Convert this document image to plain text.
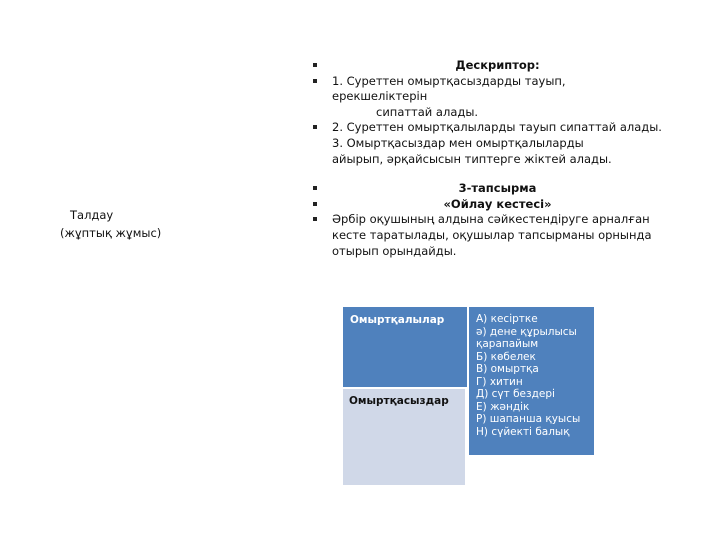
Талдау
(жұптық жұмыс)
Дескриптор:
1. Суреттен омыртқасыздарды тауып, ерекшеліктерін
сипаттай алады.
2. Суреттен омыртқалыларды тауып сипаттай алады.
3. Омыртқасыздар мен омыртқалыларды
айырып, әрқайсысын типтерге жіктей алады.
3-тапсырма
«Ойлау кестесі»
Әрбір оқушының алдына сәйкестендіруге арналған кесте таратылады, оқушылар тапсырманы орнында отырып орындайды.
Омыртқалылар
Омыртқасыздар
А) кесіртке
ә) дене құрылысы қарапайым
Б) көбелек
В) омыртқа
Г) хитин
Д) сүт бездері
Е) жәндік
Р) шапанша қуысы
Н) сүйекті балық
